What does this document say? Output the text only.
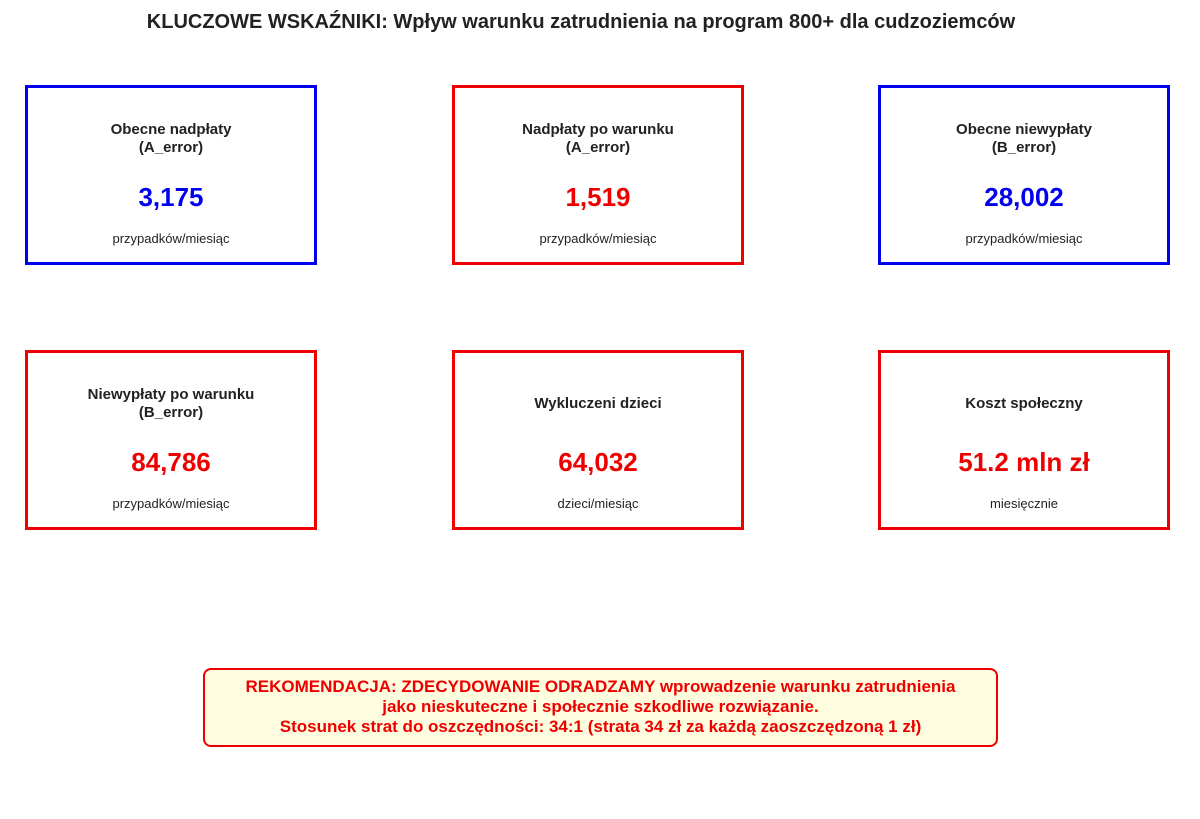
KLUCZOWE WSKAŹNIKI: Wpływ warunku zatrudnienia na program 800+ dla cudzoziemców
Obecne nadpłaty
(A_error)
3,175
przypadków/miesiąc
Nadpłaty po warunku
(A_error)
1,519
przypadków/miesiąc
Obecne niewypłaty
(B_error)
28,002
przypadków/miesiąc
Niewypłaty po warunku
(B_error)
84,786
przypadków/miesiąc
Wykluczeni dzieci
64,032
dzieci/miesiąc
Koszt społeczny
51.2 mln zł
miesięcznie
REKOMENDACJA: ZDECYDOWANIE ODRADZAMY wprowadzenie warunku zatrudnienia
jako nieskuteczne i społecznie szkodliwe rozwiązanie.
Stosunek strat do oszczędności: 34:1 (strata 34 zł za każdą zaoszczędzoną 1 zł)
